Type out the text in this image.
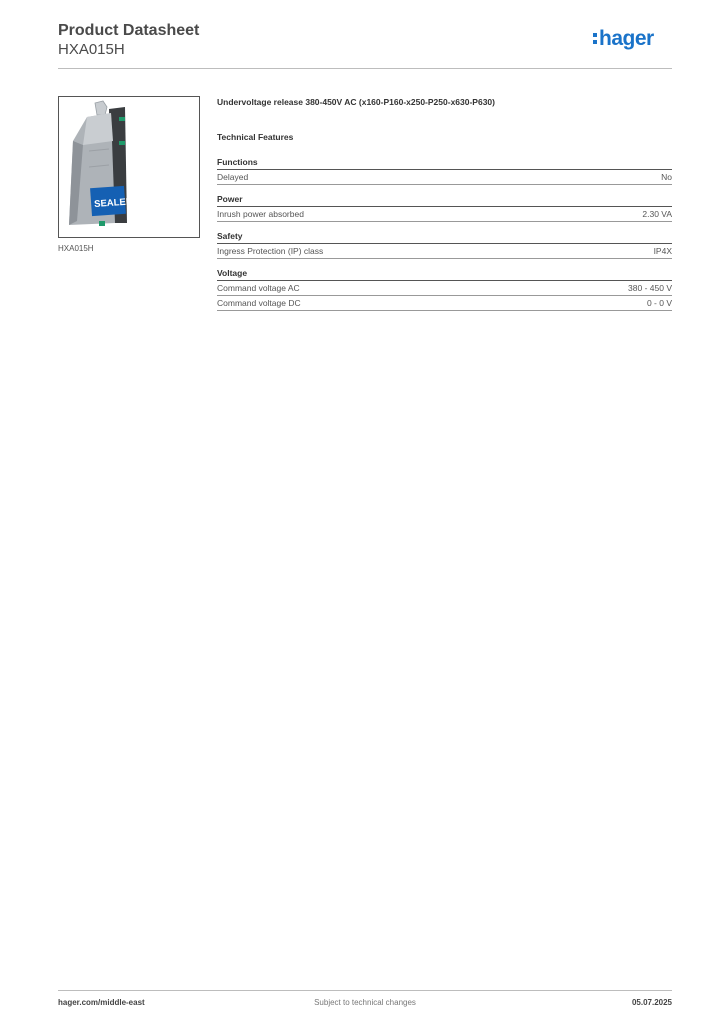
Product Datasheet
HXA015H	hager
SEALED
HXA015H
Undervoltage release 380-450V AC (x160-P160-x250-P250-x630-P630)
Technical Features
Functions
Delayed	No
Power
Inrush power absorbed	2.30 VA
Safety
Ingress Protection (IP) class	IP4X
Voltage
Command voltage AC	380 - 450 V
Command voltage DC	0 - 0 V
hager.com/middle-east	Subject to technical changes	05.07.2025
